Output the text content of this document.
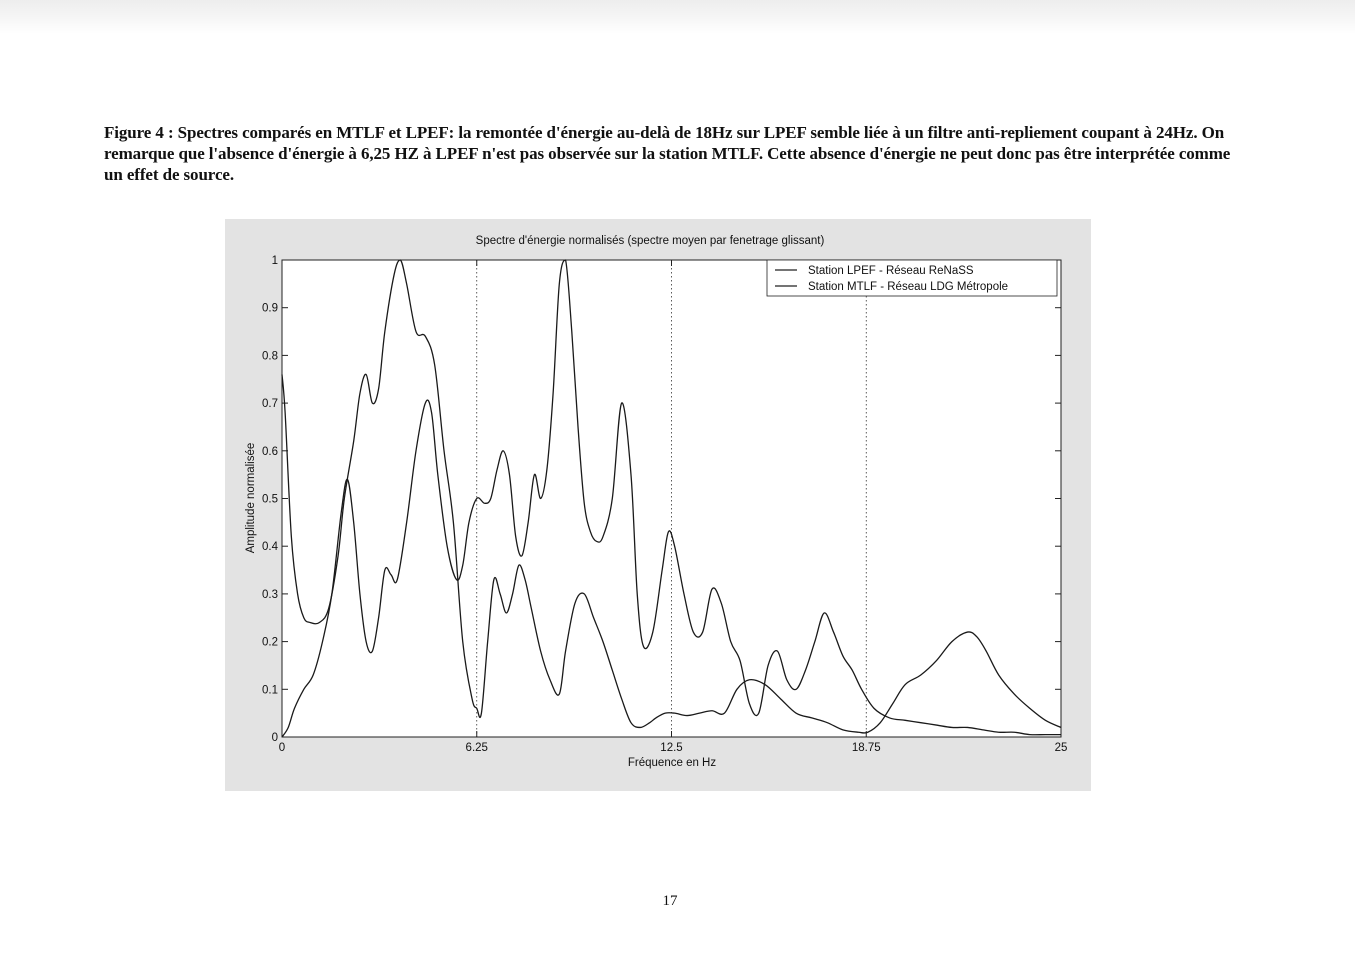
Figure 4 : Spectres comparés en MTLF et LPEF: la remontée d'énergie au-delà de 18Hz sur LPEF semble liée à un filtre anti-repliement coupant à 24Hz. On remarque que l'absence d'énergie à 6,25 HZ à LPEF n'est pas observée sur la station MTLF. Cette absence d'énergie ne peut donc pas être interprétée comme un effet de source.
Spectre d'énergie normalisés (spectre moyen par fenetrage glissant)
0
0.1
0.2
0.3
0.4
0.5
0.6
0.7
0.8
0.9
1
0	6.25	12.5	18.75	25
Station LPEF - Réseau ReNaSS
Station MTLF - Réseau LDG Métropole
Fréquence en Hz
Amplitude normalisée
17
